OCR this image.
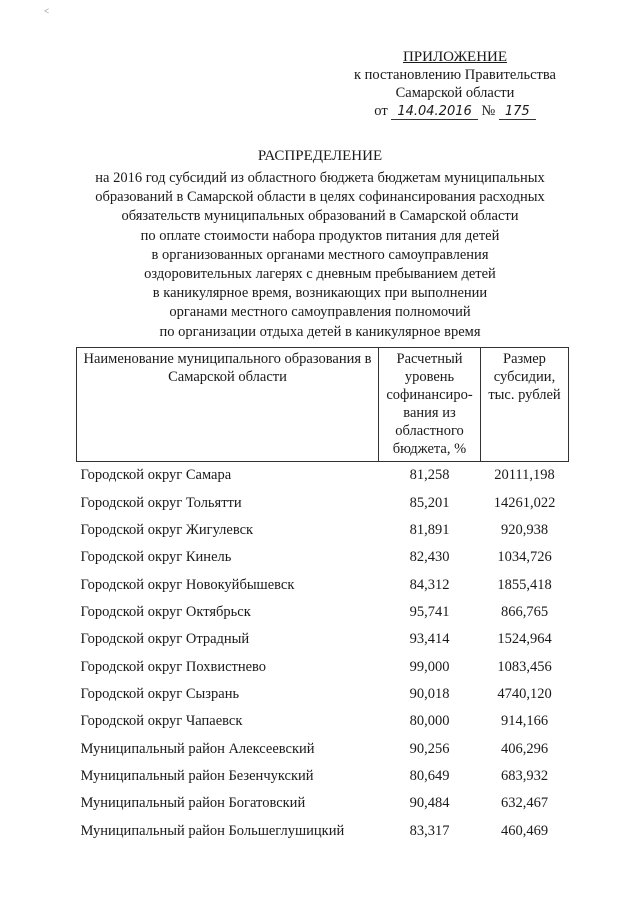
<
ПРИЛОЖЕНИЕ
к постановлению Правительства
Самарской области
от 14.04.2016 № 175
РАСПРЕДЕЛЕНИЕ
на 2016 год субсидий из областного бюджета бюджетам муниципальных
образований в Самарской области в целях софинансирования расходных
обязательств муниципальных образований в Самарской области
по оплате стоимости набора продуктов питания для детей
в организованных органами местного самоуправления
оздоровительных лагерях с дневным пребыванием детей
в каникулярное время, возникающих при выполнении
органами местного самоуправления полномочий
по организации отдыха детей в каникулярное время
Наименование муниципального образования в Самарской области	Расчетный уровень софинансиро-вания из областного бюджета, %	Размер субсидии, тыс. рублей
Городской округ Самара	81,258	20111,198
Городской округ Тольятти	85,201	14261,022
Городской округ Жигулевск	81,891	920,938
Городской округ Кинель	82,430	1034,726
Городской округ Новокуйбышевск	84,312	1855,418
Городской округ Октябрьск	95,741	866,765
Городской округ Отрадный	93,414	1524,964
Городской округ Похвистнево	99,000	1083,456
Городской округ Сызрань	90,018	4740,120
Городской округ Чапаевск	80,000	914,166
Муниципальный район Алексеевский	90,256	406,296
Муниципальный район Безенчукский	80,649	683,932
Муниципальный район Богатовский	90,484	632,467
Муниципальный район Большеглушицкий	83,317	460,469
